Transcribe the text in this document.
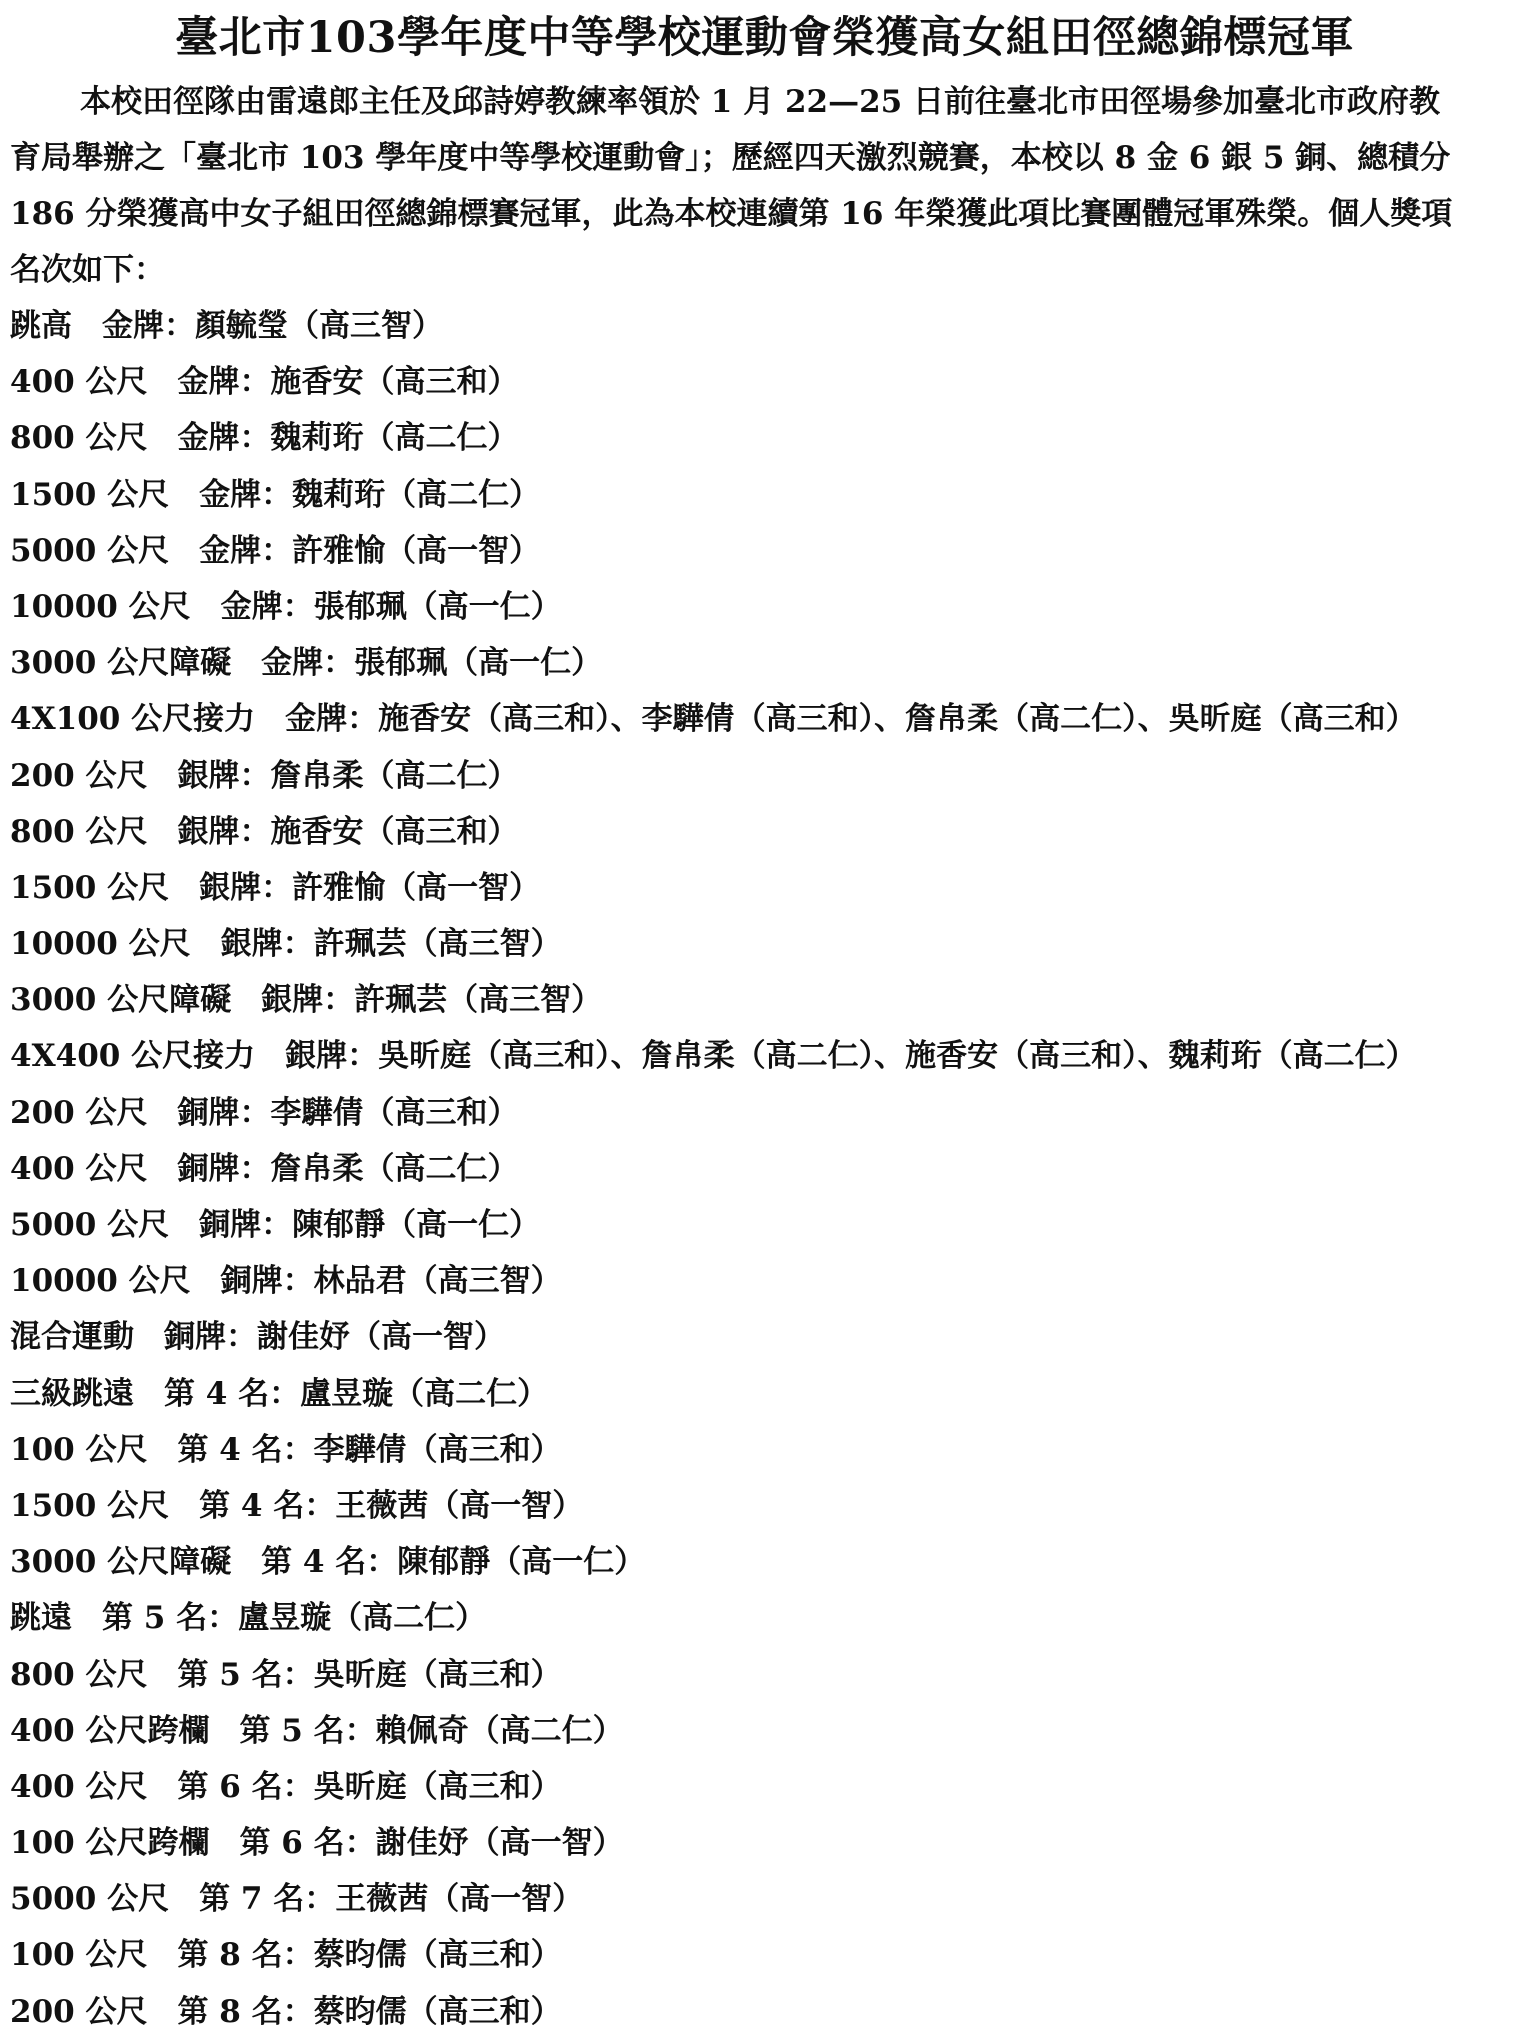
臺北市103學年度中等學校運動會榮獲高女組田徑總錦標冠軍
本校田徑隊由雷遠郎主任及邱詩婷教練率領於 1 月 22—25 日前往臺北市田徑場參加臺北市政府教
育局舉辦之「臺北市 103 學年度中等學校運動會」；歷經四天激烈競賽，本校以 8 金 6 銀 5 銅、總積分
186 分榮獲高中女子組田徑總錦標賽冠軍，此為本校連續第 16 年榮獲此項比賽團體冠軍殊榮。個人獎項
名次如下：
跳高 金牌：顏毓瑩（高三智）
400 公尺 金牌：施香安（高三和）
800 公尺 金牌：魏莉珩（高二仁）
1500 公尺 金牌：魏莉珩（高二仁）
5000 公尺 金牌：許雅愉（高一智）
10000 公尺 金牌：張郁珮（高一仁）
3000 公尺障礙 金牌：張郁珮（高一仁）
4X100 公尺接力 金牌：施香安（高三和）、李驊倩（高三和）、詹帛柔（高二仁）、吳昕庭（高三和）
200 公尺 銀牌：詹帛柔（高二仁）
800 公尺 銀牌：施香安（高三和）
1500 公尺 銀牌：許雅愉（高一智）
10000 公尺 銀牌：許珮芸（高三智）
3000 公尺障礙 銀牌：許珮芸（高三智）
4X400 公尺接力 銀牌：吳昕庭（高三和）、詹帛柔（高二仁）、施香安（高三和）、魏莉珩（高二仁）
200 公尺 銅牌：李驊倩（高三和）
400 公尺 銅牌：詹帛柔（高二仁）
5000 公尺 銅牌：陳郁靜（高一仁）
10000 公尺 銅牌：林品君（高三智）
混合運動 銅牌：謝佳妤（高一智）
三級跳遠 第 4 名：盧昱璇（高二仁）
100 公尺 第 4 名：李驊倩（高三和）
1500 公尺 第 4 名：王薇茜（高一智）
3000 公尺障礙 第 4 名：陳郁靜（高一仁）
跳遠 第 5 名：盧昱璇（高二仁）
800 公尺 第 5 名：吳昕庭（高三和）
400 公尺跨欄 第 5 名：賴佩奇（高二仁）
400 公尺 第 6 名：吳昕庭（高三和）
100 公尺跨欄 第 6 名：謝佳妤（高一智）
5000 公尺 第 7 名：王薇茜（高一智）
100 公尺 第 8 名：蔡昀儒（高三和）
200 公尺 第 8 名：蔡昀儒（高三和）
